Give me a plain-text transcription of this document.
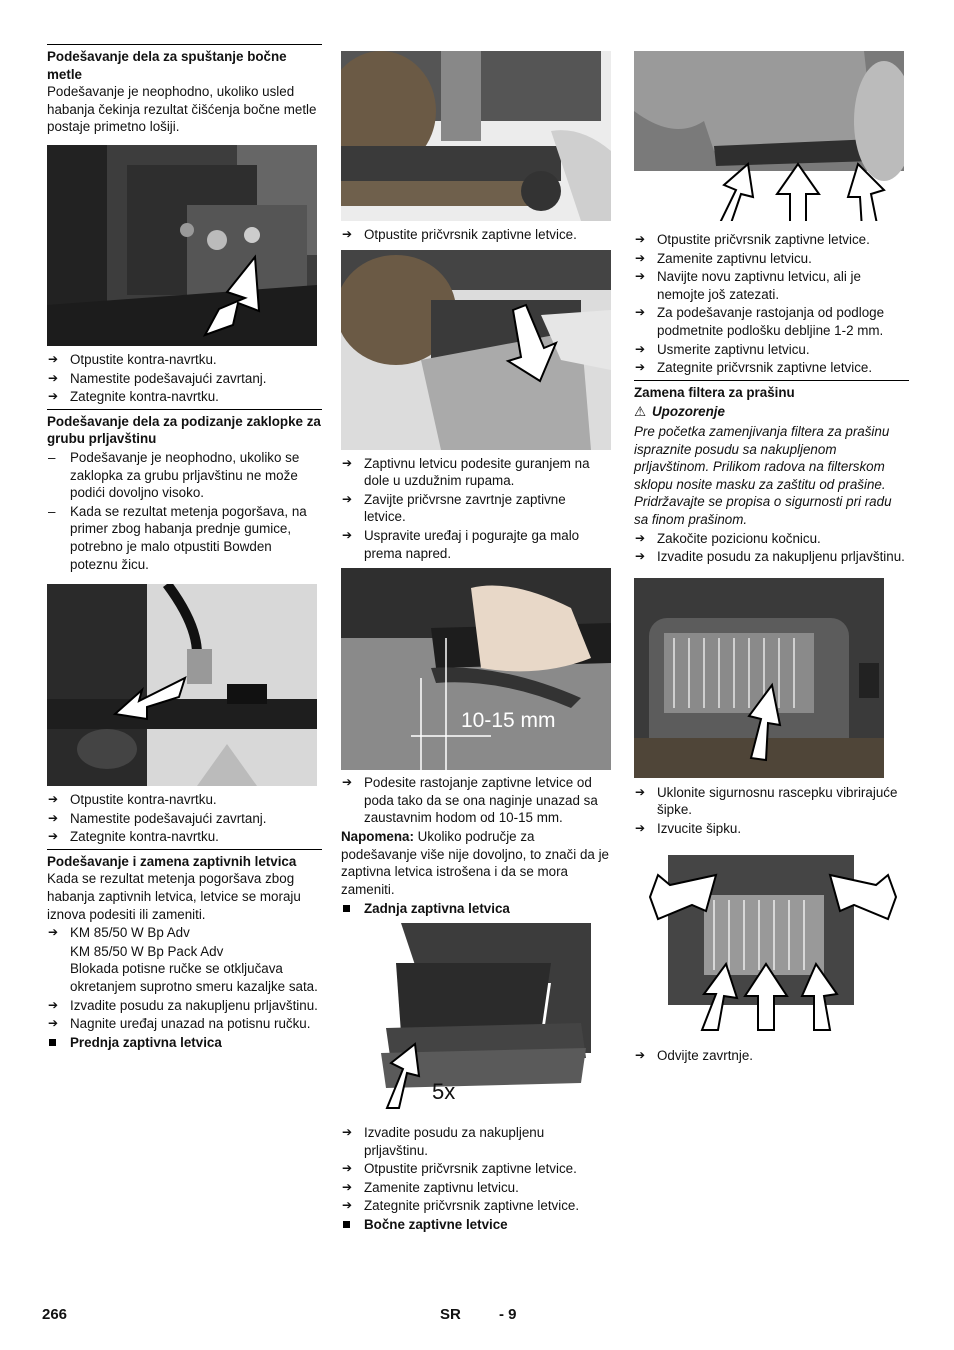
Podešavanje dela za spuštanje bočne metle

Podešavanje je neophodno, ukoliko usled habanja čekinja rezultat čišćenja bočne metle postaje primetno lošiji.

➔ Otpustite kontra-navrtku.
➔ Namestite podešavajući zavrtanj.
➔ Zategnite kontra-navrtku.
Podešavanje dela za podizanje zaklopke za grubu prljavštinu
– Podešavanje je neophodno, ukoliko se zaklopka za grubu prljavštinu ne može podići dovoljno visoko.
– Kada se rezultat metenja pogoršava, na primer zbog habanja prednje gumice, potrebno je malo otpustiti Bowden poteznu žicu.
➔ Otpustite kontra-navrtku.
➔ Namestite podešavajući zavrtanj.
➔ Zategnite kontra-navrtku.
Podešavanje i zamena zaptivnih letvica

Kada se rezultat metenja pogoršava zbog habanja zaptivnih letvica, letvice se moraju iznova podesiti ili zameniti.

➔ KM 85/50 W Bp Adv
KM 85/50 W Bp Pack Adv
Blokada potisne ručke se otključava okretanjem suprotno smeru kazaljke sata.
➔ Izvadite posudu za nakupljenu prljavštinu.
➔ Nagnite uređaj unazad na potisnu ručku.
Prednja zaptivna letvica
➔ Otpustite pričvrsnik zaptivne letvice.
➔ Zaptivnu letvicu podesite guranjem na dole u uzdužnim rupama.
➔ Zavijte pričvrsne zavrtnje zaptivne letvice.
➔ Uspravite uređaj i pogurajte ga malo prema napred.
10-15 mm
➔ Podesite rastojanje zaptivne letvice od poda tako da se ona naginje unazad sa zaustavnim hodom od 10-15 mm.

Napomena: Ukoliko područje za podešavanje više nije dovoljno, to znači da je zaptivna letvica istrošena i da se mora zameniti.

Zadnja zaptivna letvica
5x
➔ Izvadite posudu za nakupljenu prljavštinu.
➔ Otpustite pričvrsnik zaptivne letvice.
➔ Zamenite zaptivnu letvicu.
➔ Zategnite pričvrsnik zaptivne letvice.
Bočne zaptivne letvice
➔ Otpustite pričvrsnik zaptivne letvice.
➔ Zamenite zaptivnu letvicu.
➔ Navijte novu zaptivnu letvicu, ali je nemojte još zatezati.
➔ Za podešavanje rastojanja od podloge podmetnite podlošku debljine 1-2 mm.
➔ Usmerite zaptivnu letvicu.
➔ Zategnite pričvrsnik zaptivne letvice.
Zamena filtera za prašinu
⚠ Upozorenje

Pre početka zamenjivanja filtera za prašinu ispraznite posudu sa nakupljenom prljavštinom. Prilikom radova na filterskom sklopu nosite masku za zaštitu od prašine. Pridržavajte se propisa o sigurnosti pri radu sa finom prašinom.

➔ Zakočite pozicionu kočnicu.
➔ Izvadite posudu za nakupljenu prljavštinu.
➔ Uklonite sigurnosnu rascepku vibrirajuće šipke.
➔ Izvucite šipku.
➔ Odvijte zavrtnje.
266	SR	- 9
